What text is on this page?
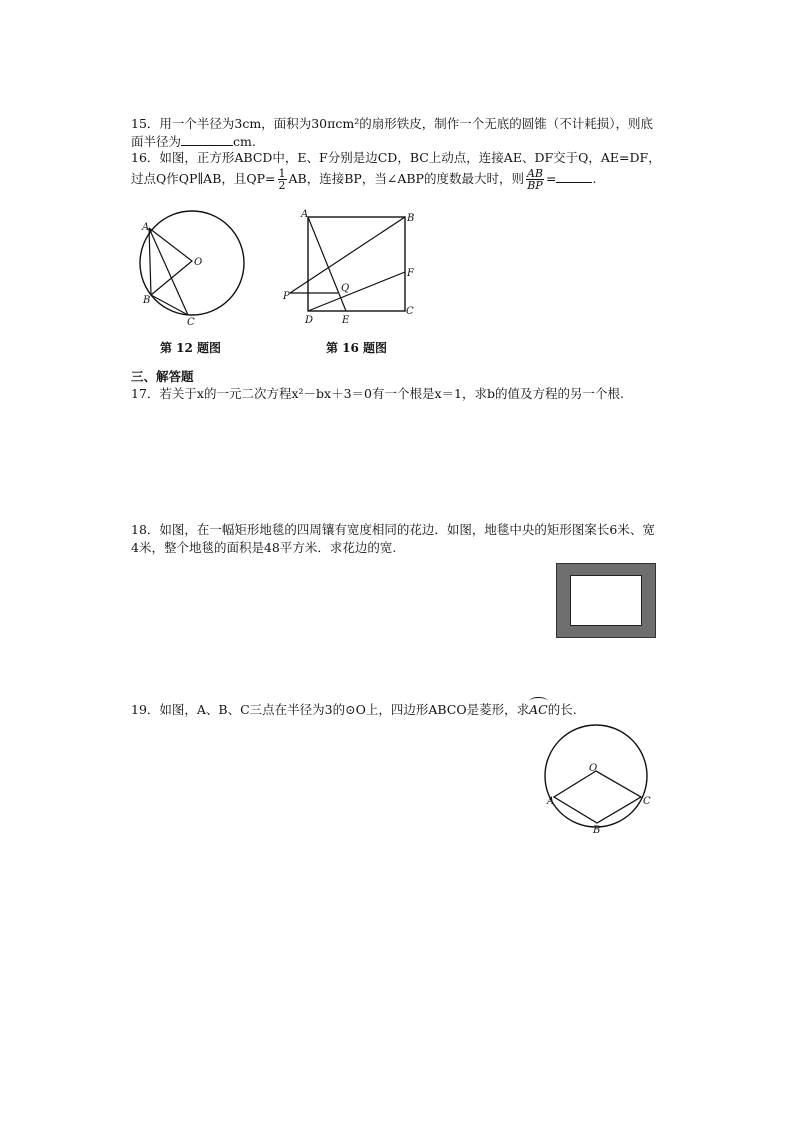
15．用一个半径为3cm，面积为30πcm²的扇形铁皮，制作一个无底的圆锥（不计耗损），则底
面半径为	cm.
16．如图，正方形ABCD中，E、F分别是边CD，BC上动点，连接AE、DF交于Q，AE=DF，
过点Q作QP∥AB，且$QP= \frac{1}{2}$ AB，连接BP，当∠ABP的度数最大时，则 $\frac{AB}{BP}$ =	.
A
O
B
C
第 12 题图
A	B
F
P
Q
D	E
C
第 16 题图
三、解答题
17．若关于x的一元二次方程x²－bx＋3＝0有一个根是x＝1，求b的值及方程的另一个根.
18．如图，在一幅矩形地毯的四周镶有宽度相同的花边．如图，地毯中央的矩形图案长6米、宽
4米，整个地毯的面积是48平方米．求花边的宽.
19．如图，A、B、C三点在半径为3的⊙O上，四边形ABCO是菱形，求AC的长.
O
A	C
B
